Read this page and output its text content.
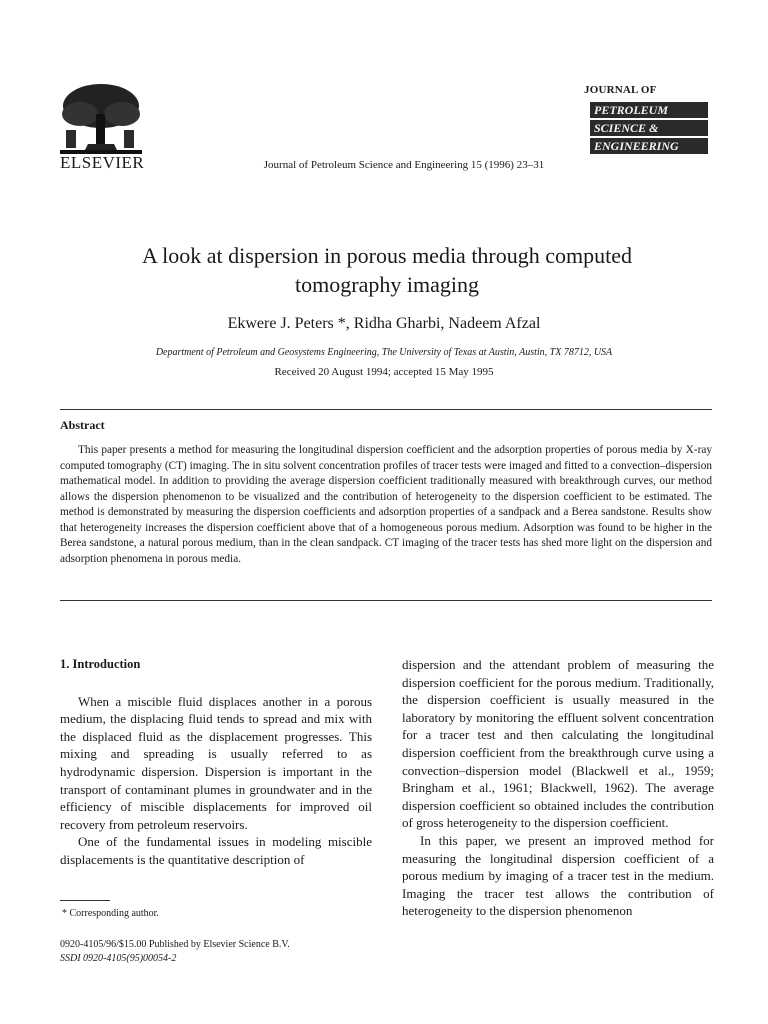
ELSEVIER	Journal of Petroleum Science and Engineering 15 (1996) 23–31
JOURNAL OF
PETROLEUM
SCIENCE &
ENGINEERING
A look at dispersion in porous media through computed
tomography imaging
Ekwere J. Peters *, Ridha Gharbi, Nadeem Afzal
Department of Petroleum and Geosystems Engineering, The University of Texas at Austin, Austin, TX 78712, USA
Received 20 August 1994; accepted 15 May 1995
Abstract
This paper presents a method for measuring the longitudinal dispersion coefficient and the adsorption properties of porous media by X-ray computed tomography (CT) imaging. The in situ solvent concentration profiles of tracer tests were imaged and fitted to a convection–dispersion mathematical model. In addition to providing the average dispersion coefficient traditionally measured with breakthrough curves, our method allows the dispersion phenomenon to be visualized and the contribution of heterogeneity to the dispersion coefficient to be estimated. The method is demonstrated by measuring the dispersion coefficients and adsorption properties of a sandpack and a Berea sandstone. Results show that heterogeneity increases the dispersion coefficient above that of a homogeneous porous medium. Adsorption was found to be higher in the Berea sandstone, a natural porous medium, than in the clean sandpack. CT imaging of the tracer tests has shed more light on the dispersion and adsorption phenomena in porous media.
1. Introduction

When a miscible fluid displaces another in a porous medium, the displacing fluid tends to spread and mix with the displaced fluid as the displacement progresses. This mixing and spreading is usually referred to as hydrodynamic dispersion. Dispersion is important in the transport of contaminant plumes in groundwater and in the efficiency of miscible displacements for improved oil recovery from petroleum reservoirs.

One of the fundamental issues in modeling miscible displacements is the quantitative description of

dispersion and the attendant problem of measuring the dispersion coefficient for the porous medium. Traditionally, the dispersion coefficient is usually measured in the laboratory by monitoring the effluent solvent concentration for a tracer test and then calculating the longitudinal dispersion coefficient from the breakthrough curve using a convection–dispersion model (Blackwell et al., 1959; Bringham et al., 1961; Blackwell, 1962). The average dispersion coefficient so obtained includes the contribution of gross heterogeneity to the dispersion coefficient.

In this paper, we present an improved method for measuring the longitudinal dispersion coefficient of a porous medium by imaging of a tracer test in the medium. Imaging the tracer test allows the contribution of heterogeneity to the dispersion phenomenon

* Corresponding author.
0920-4105/96/$15.00 Published by Elsevier Science B.V.
SSDI 0920-4105(95)00054-2
